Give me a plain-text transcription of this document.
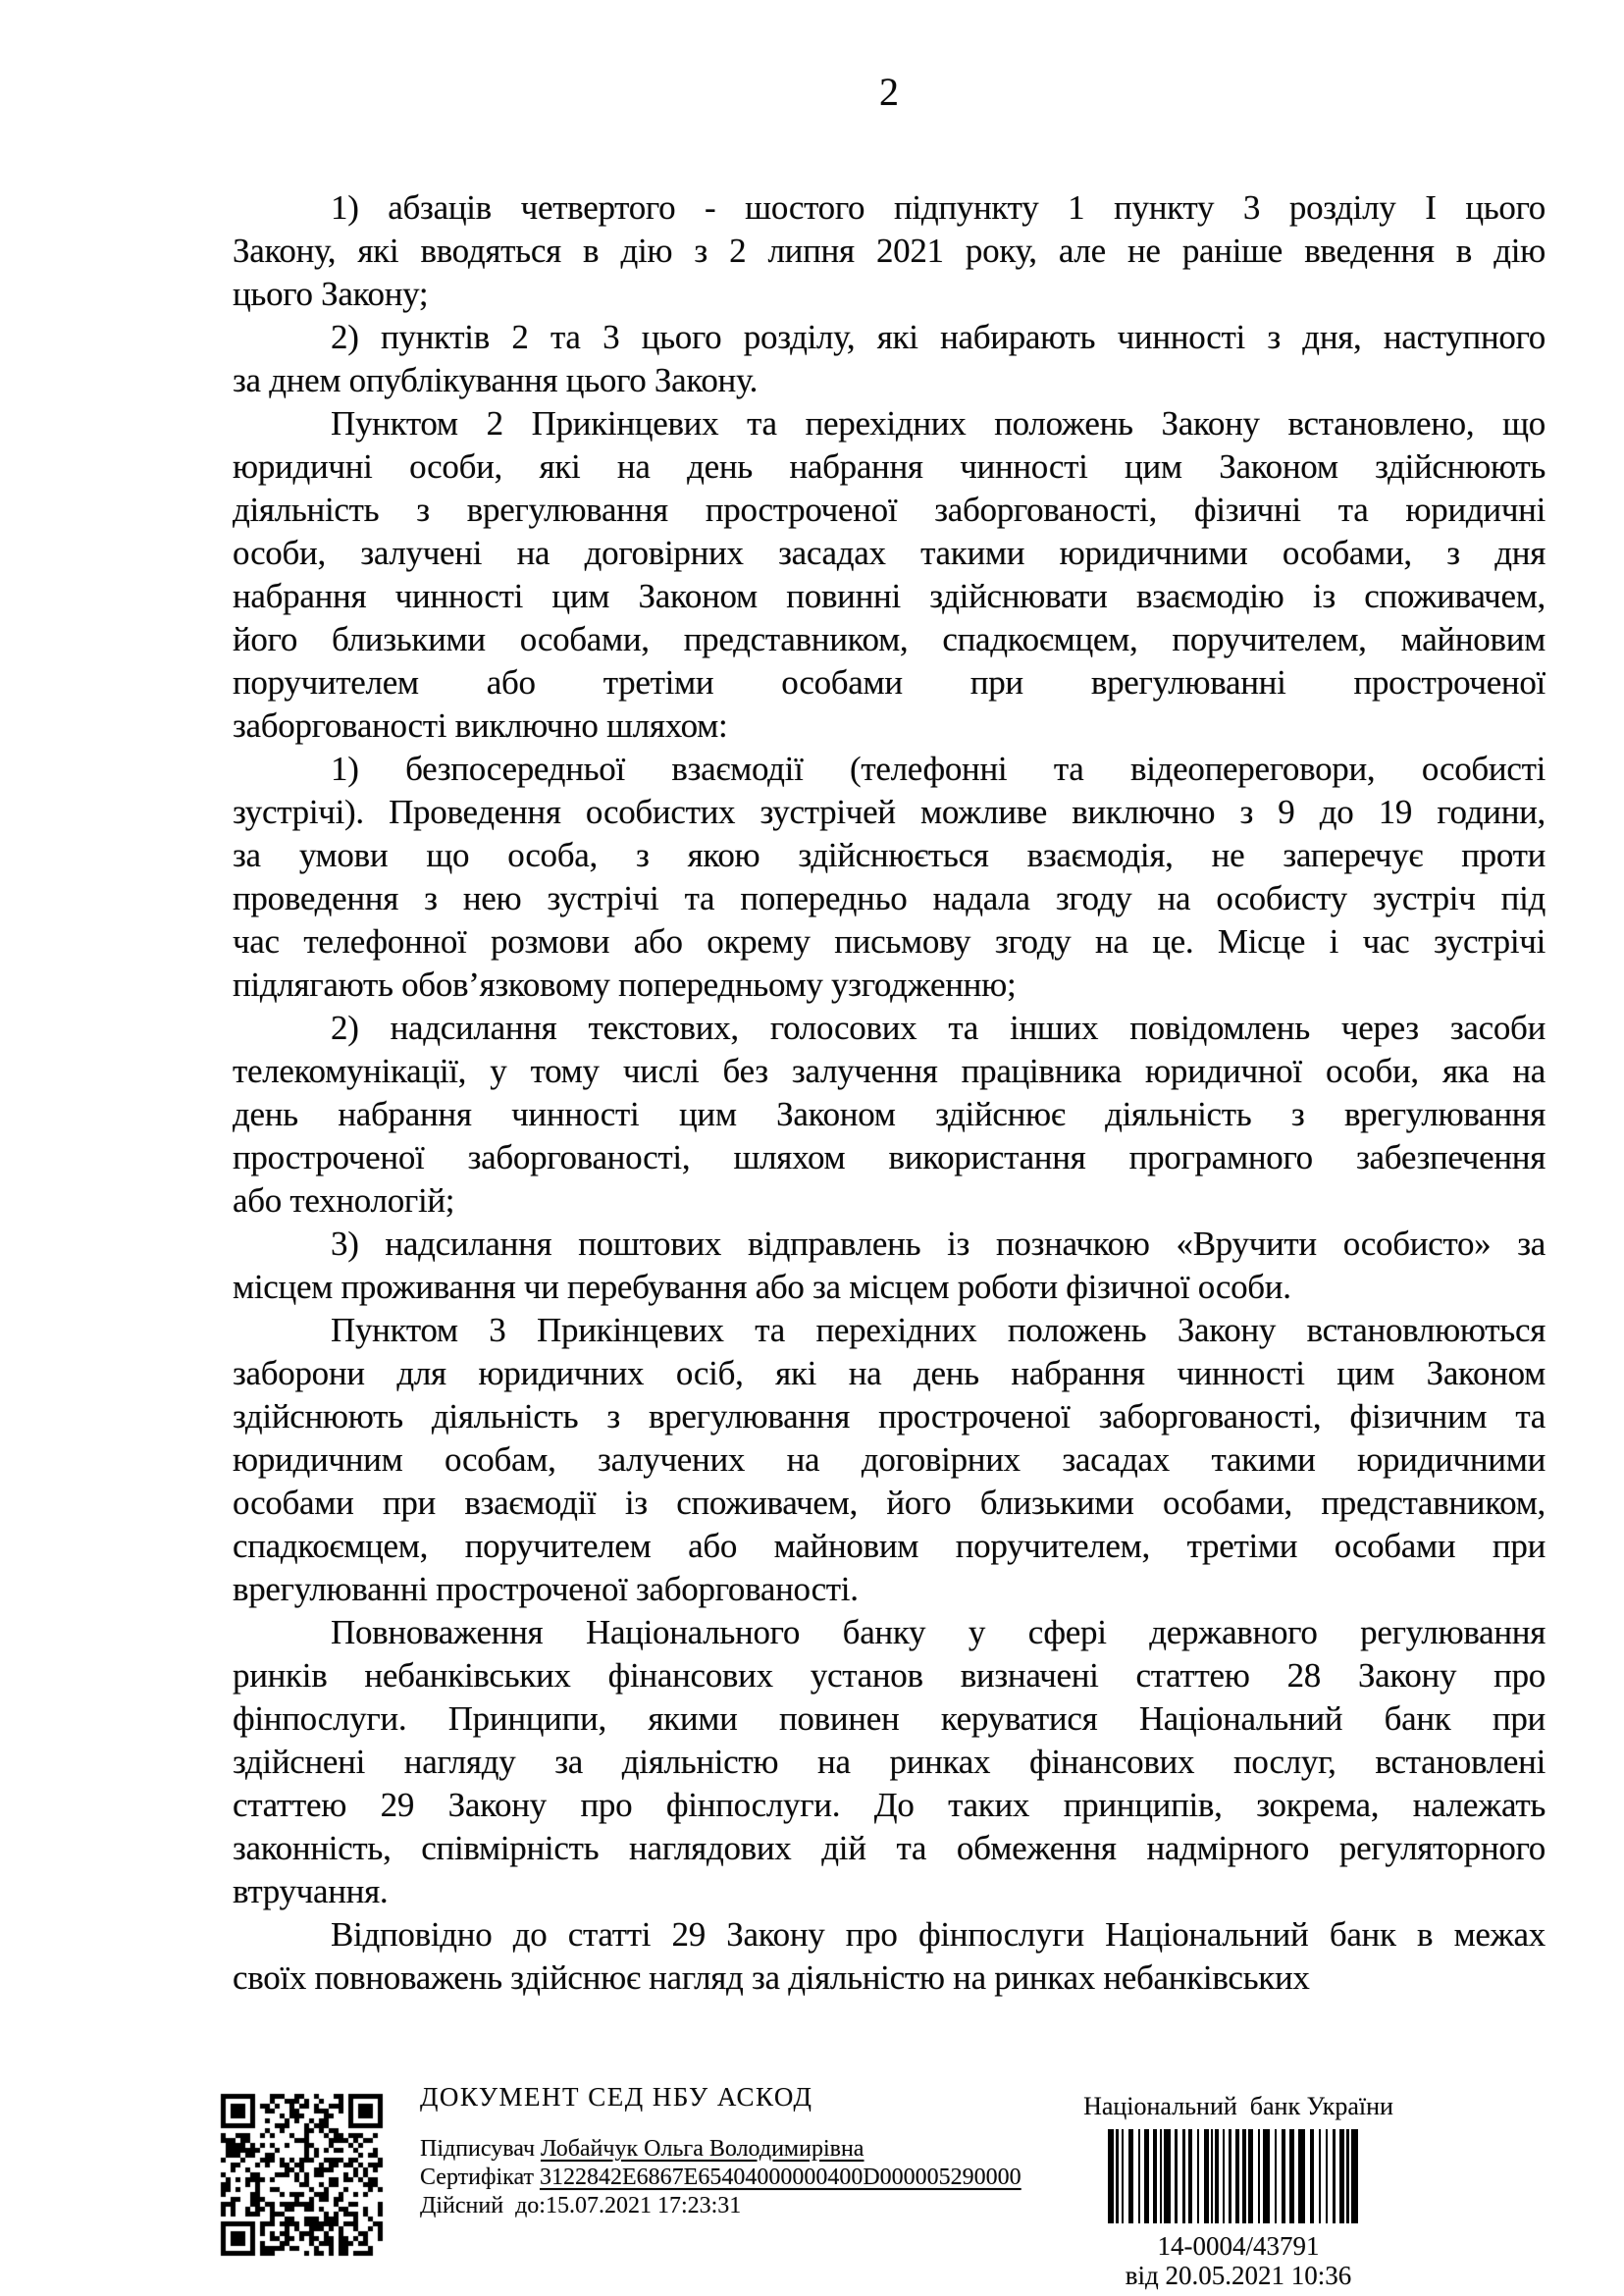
2
1) абзаців четвертого - шостого підпункту 1 пункту 3 розділу І цього
Закону, які вводяться в дію з 2 липня 2021 року, але не раніше введення в дію
цього Закону;
2) пунктів 2 та 3 цього розділу, які набирають чинності з дня, наступного
за днем опублікування цього Закону.
Пунктом 2 Прикінцевих та перехідних положень Закону встановлено, що
юридичні особи, які на день набрання чинності цим Законом здійснюють
діяльність з врегулювання простроченої заборгованості, фізичні та юридичні
особи, залучені на договірних засадах такими юридичними особами, з дня
набрання чинності цим Законом повинні здійснювати взаємодію із споживачем,
його близькими особами, представником, спадкоємцем, поручителем, майновим
поручителем або третіми особами при врегулюванні простроченої
заборгованості виключно шляхом:
1) безпосередньої взаємодії (телефонні та відеопереговори, особисті
зустрічі). Проведення особистих зустрічей можливе виключно з 9 до 19 години,
за умови що особа, з якою здійснюється взаємодія, не заперечує проти
проведення з нею зустрічі та попередньо надала згоду на особисту зустріч під
час телефонної розмови або окрему письмову згоду на це. Місце і час зустрічі
підлягають обов’язковому попередньому узгодженню;
2) надсилання текстових, голосових та інших повідомлень через засоби
телекомунікації, у тому числі без залучення працівника юридичної особи, яка на
день набрання чинності цим Законом здійснює діяльність з врегулювання
простроченої заборгованості, шляхом використання програмного забезпечення
або технологій;
3) надсилання поштових відправлень із позначкою «Вручити особисто» за
місцем проживання чи перебування або за місцем роботи фізичної особи.
Пунктом 3 Прикінцевих та перехідних положень Закону встановлюються
заборони для юридичних осіб, які на день набрання чинності цим Законом
здійснюють діяльність з врегулювання простроченої заборгованості, фізичним та
юридичним особам, залучених на договірних засадах такими юридичними
особами при взаємодії із споживачем, його близькими особами, представником,
спадкоємцем, поручителем або майновим поручителем, третіми особами при
врегулюванні простроченої заборгованості.
Повноваження Національного банку у сфері державного регулювання
ринків небанківських фінансових установ визначені статтею 28 Закону про
фінпослуги. Принципи, якими повинен керуватися Національний банк при
здійснені нагляду за діяльністю на ринках фінансових послуг, встановлені
статтею 29 Закону про фінпослуги. До таких принципів, зокрема, належать
законність, співмірність наглядових дій та обмеження надмірного регуляторного
втручання.
Відповідно до статті 29 Закону про фінпослуги Національний банк в межах
своїх повноважень здійснює нагляд за діяльністю на ринках небанківських
ДОКУМЕНТ СЕД НБУ АСКОД
Підписувач Лобайчук Ольга Володимирівна
Сертифікат 3122842E6867E65404000000400D000005290000
Дійсний  до:15.07.2021 17:23:31
Національний  банк України
14-0004/43791
від 20.05.2021 10:36
